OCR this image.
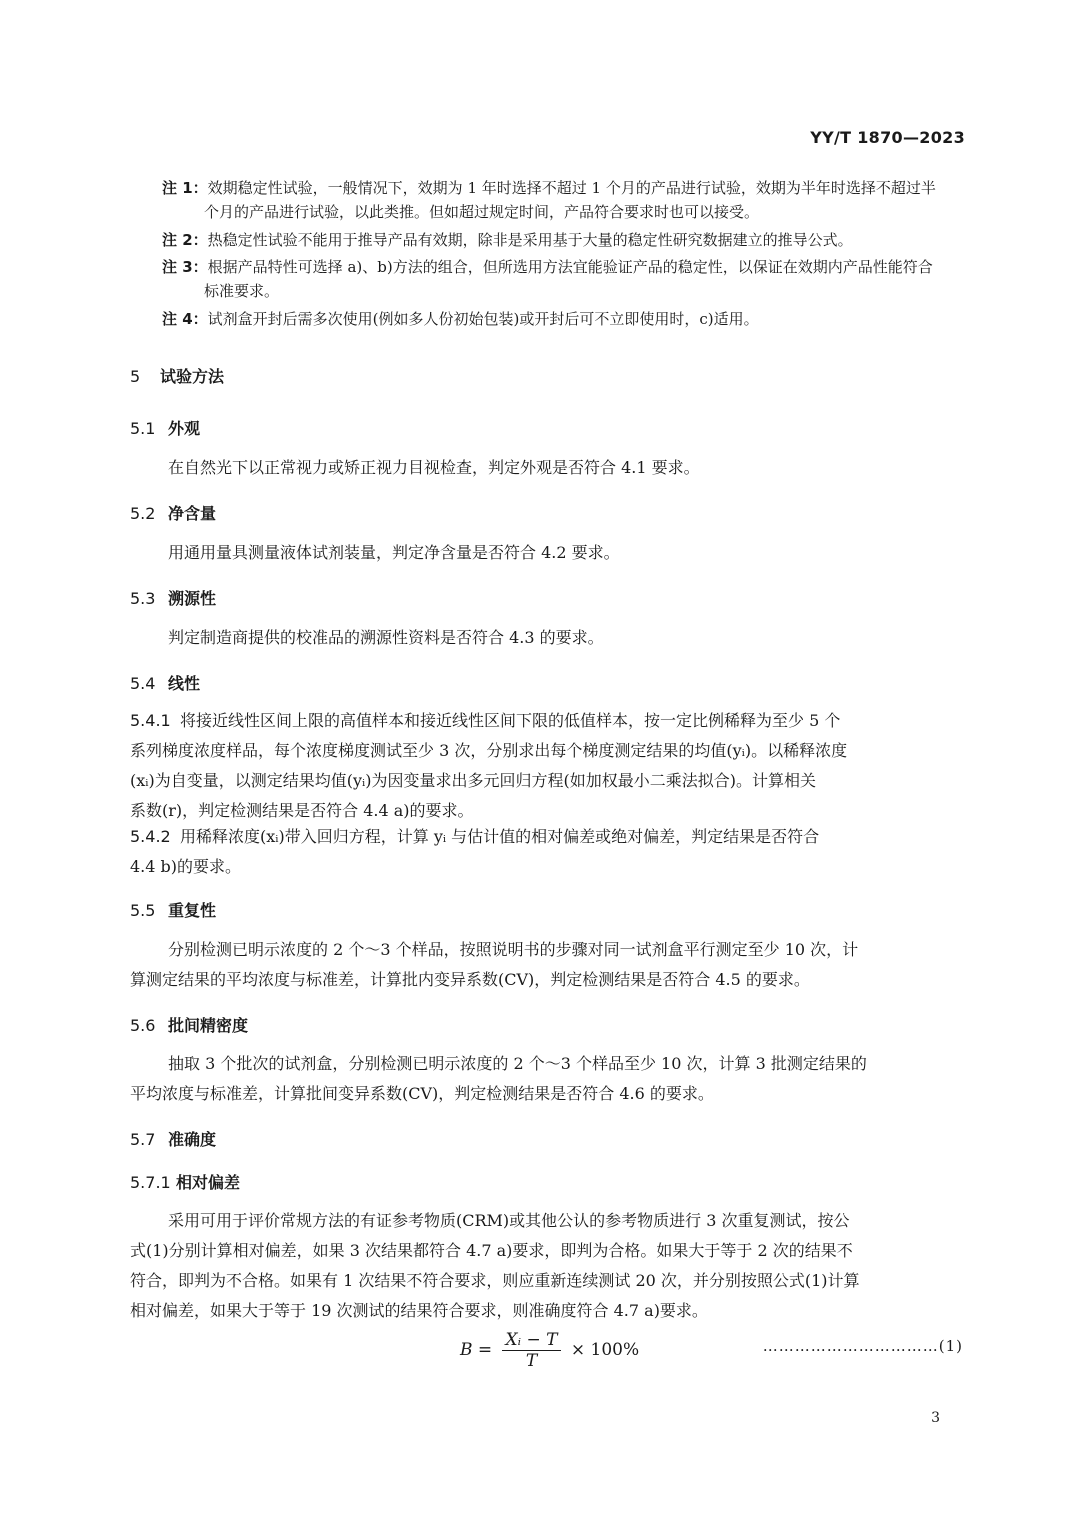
YY/T 1870—2023
注 1：效期稳定性试验，一般情况下，效期为 1 年时选择不超过 1 个月的产品进行试验，效期为半年时选择不超过半
个月的产品进行试验，以此类推。但如超过规定时间，产品符合要求时也可以接受。
注 2：热稳定性试验不能用于推导产品有效期，除非是采用基于大量的稳定性研究数据建立的推导公式。
注 3：根据产品特性可选择 a)、b)方法的组合，但所选用方法宜能验证产品的稳定性，以保证在效期内产品性能符合
标准要求。
注 4：试剂盒开封后需多次使用(例如多人份初始包装)或开封后可不立即使用时，c)适用。
5 试验方法
5.1 外观
在自然光下以正常视力或矫正视力目视检查，判定外观是否符合 4.1 要求。
5.2 净含量
用通用量具测量液体试剂装量，判定净含量是否符合 4.2 要求。
5.3 溯源性
判定制造商提供的校准品的溯源性资料是否符合 4.3 的要求。
5.4 线性
5.4.1 将接近线性区间上限的高值样本和接近线性区间下限的低值样本，按一定比例稀释为至少 5 个
系列梯度浓度样品，每个浓度梯度测试至少 3 次，分别求出每个梯度测定结果的均值(yᵢ)。以稀释浓度
(xᵢ)为自变量，以测定结果均值(yᵢ)为因变量求出多元回归方程(如加权最小二乘法拟合)。计算相关
系数(r)，判定检测结果是否符合 4.4 a)的要求。
5.4.2 用稀释浓度(xᵢ)带入回归方程，计算 yᵢ 与估计值的相对偏差或绝对偏差，判定结果是否符合
4.4 b)的要求。
5.5 重复性
分别检测已明示浓度的 2 个～3 个样品，按照说明书的步骤对同一试剂盒平行测定至少 10 次，计
算测定结果的平均浓度与标准差，计算批内变异系数(CV)，判定检测结果是否符合 4.5 的要求。
5.6 批间精密度
抽取 3 个批次的试剂盒，分别检测已明示浓度的 2 个～3 个样品至少 10 次，计算 3 批测定结果的
平均浓度与标准差，计算批间变异系数(CV)，判定检测结果是否符合 4.6 的要求。
5.7 准确度
5.7.1 相对偏差
采用可用于评价常规方法的有证参考物质(CRM)或其他公认的参考物质进行 3 次重复测试，按公
式(1)分别计算相对偏差，如果 3 次结果都符合 4.7 a)要求，即判为合格。如果大于等于 2 次的结果不
符合，即判为不合格。如果有 1 次结果不符合要求，则应重新连续测试 20 次，并分别按照公式(1)计算
相对偏差，如果大于等于 19 次测试的结果符合要求，则准确度符合 4.7 a)要求。
$B = \frac{\text{Xᵢ − T}}{T} \times 100\%$	……………………………(1)
3
